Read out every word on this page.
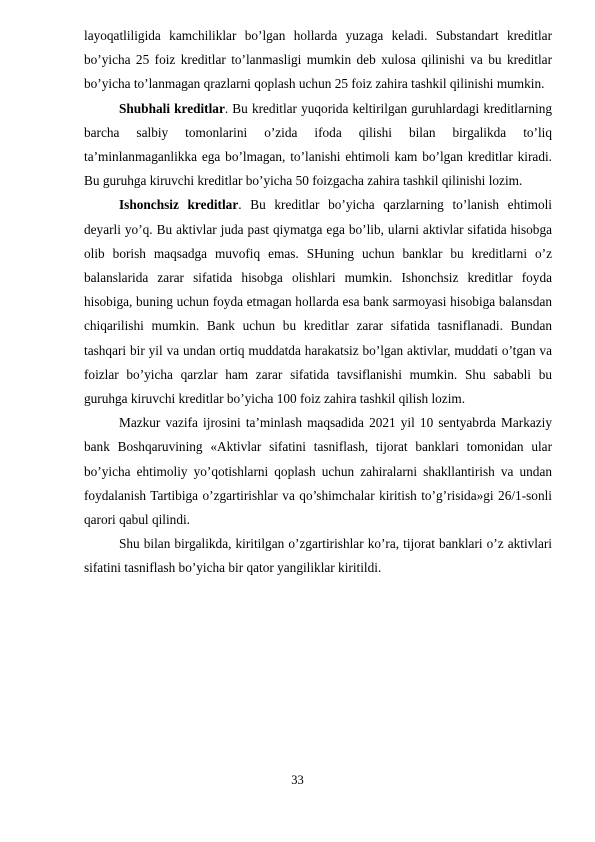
layoqatliligida kamchiliklar bo’lgan hollarda yuzaga keladi. Substandart kreditlar bo’yicha 25 foiz kreditlar to’lanmasligi mumkin deb xulosa qilinishi va bu kreditlar bo’yicha to’lanmagan qrazlarni qoplash uchun 25 foiz zahira tashkil qilinishi mumkin.

Shubhali kreditlar. Bu kreditlar yuqorida keltirilgan guruhlardagi kreditlarning barcha salbiy tomonlarini o’zida ifoda qilishi bilan birgalikda to’liq ta’minlanmaganlikka ega bo’lmagan, to’lanishi ehtimoli kam bo’lgan kreditlar kiradi. Bu guruhga kiruvchi kreditlar bo’yicha 50 foizgacha zahira tashkil qilinishi lozim.

Ishonchsiz kreditlar. Bu kreditlar bo’yicha qarzlarning to’lanish ehtimoli deyarli yo’q. Bu aktivlar juda past qiymatga ega bo’lib, ularni aktivlar sifatida hisobga olib borish maqsadga muvofiq emas. SHuning uchun banklar bu kreditlarni o’z balanslarida zarar sifatida hisobga olishlari mumkin. Ishonchsiz kreditlar foyda hisobiga, buning uchun foyda etmagan hollarda esa bank sarmoyasi hisobiga balansdan chiqarilishi mumkin. Bank uchun bu kreditlar zarar sifatida tasniflanadi. Bundan tashqari bir yil va undan ortiq muddatda harakatsiz bo’lgan aktivlar, muddati o’tgan va foizlar bo’yicha qarzlar ham zarar sifatida tavsiflanishi mumkin. Shu sababli bu guruhga kiruvchi kreditlar bo’yicha 100 foiz zahira tashkil qilish lozim.

Mazkur vazifa ijrosini ta’minlash maqsadida 2021 yil 10 sentyabrda Markaziy bank Boshqaruvining «Aktivlar sifatini tasniflash, tijorat banklari tomonidan ular bo’yicha ehtimoliy yo’qotishlarni qoplash uchun zahiralarni shakllantirish va undan foydalanish Tartibiga o’zgartirishlar va qo’shimchalar kiritish to’g’risida»gi 26/1-sonli qarori qabul qilindi.

Shu bilan birgalikda, kiritilgan o’zgartirishlar ko’ra, tijorat banklari o’z aktivlari sifatini tasniflash bo’yicha bir qator yangiliklar kiritildi.

33
